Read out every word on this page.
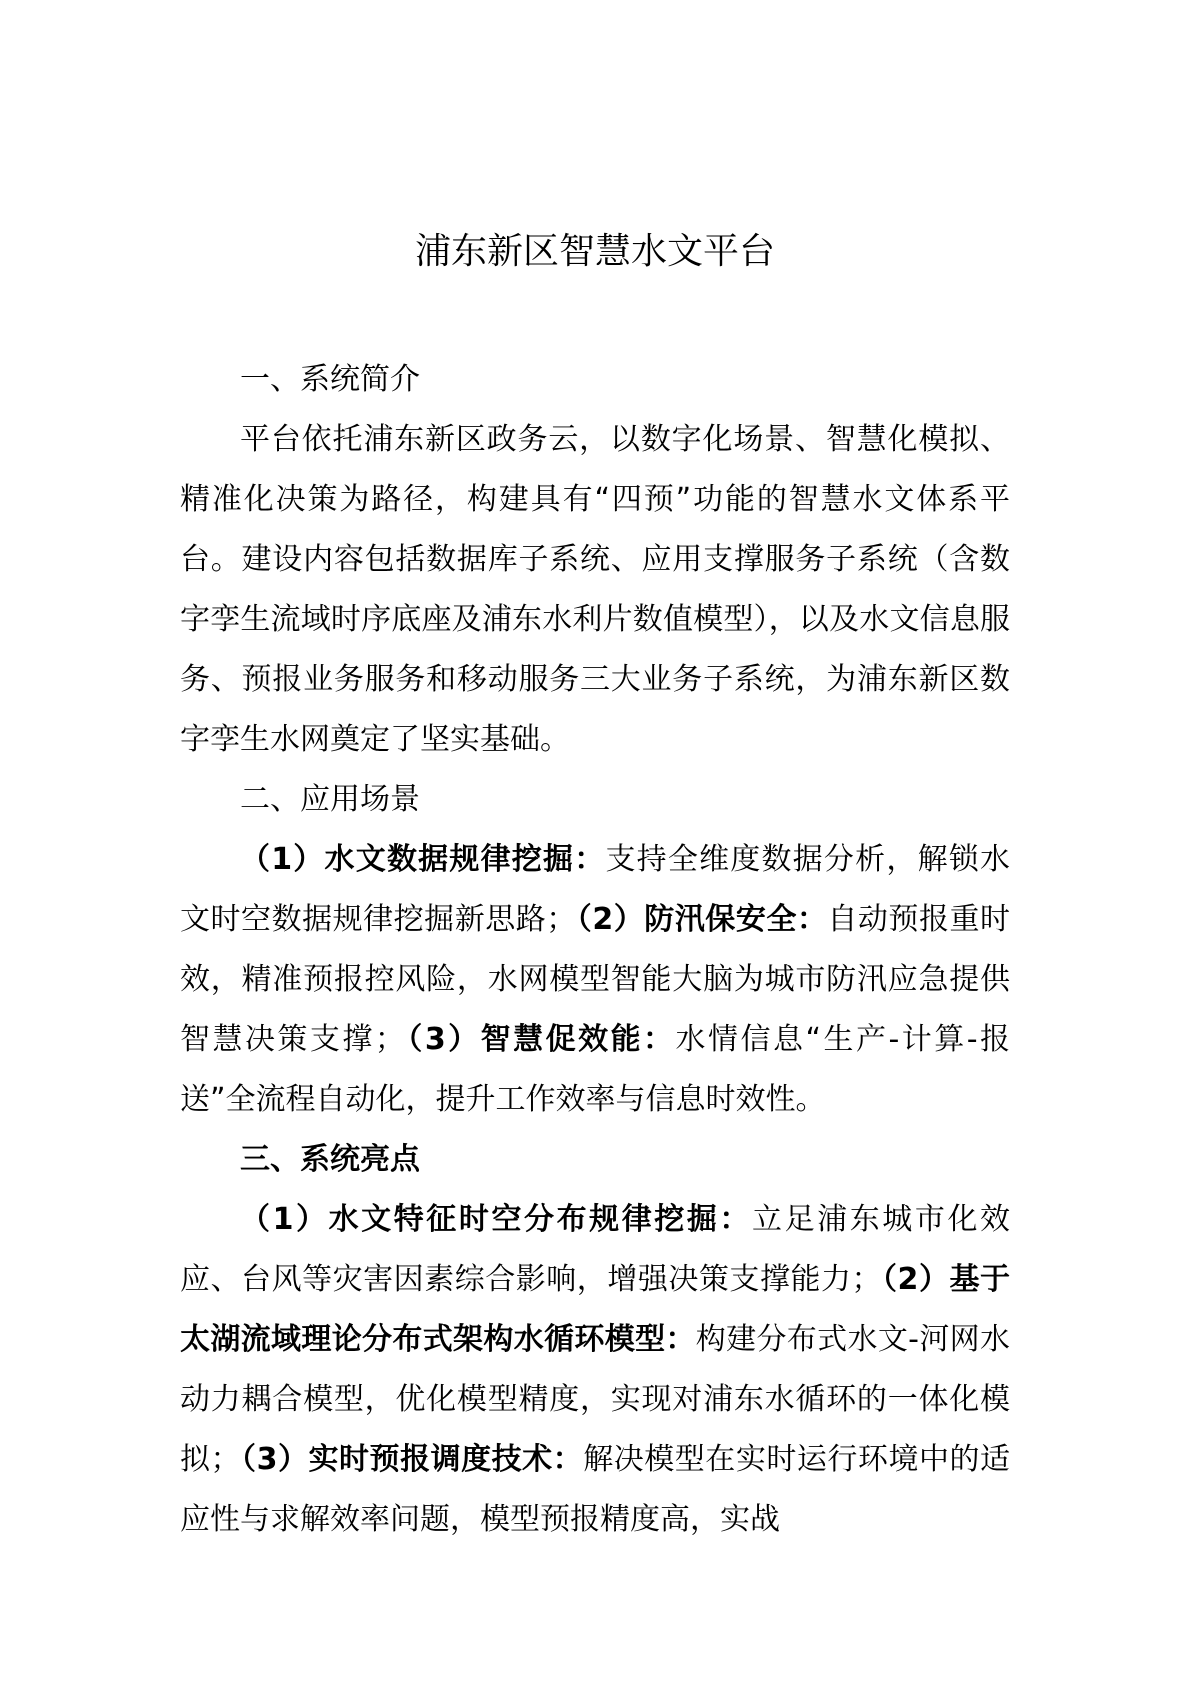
浦东新区智慧水文平台

一、系统简介

平台依托浦东新区政务云，以数字化场景、智慧化模拟、精准化决策为路径，构建具有“四预”功能的智慧水文体系平台。建设内容包括数据库子系统、应用支撑服务子系统（含数字孪生流域时序底座及浦东水利片数值模型），以及水文信息服务、预报业务服务和移动服务三大业务子系统，为浦东新区数字孪生水网奠定了坚实基础。

二、应用场景

（1）水文数据规律挖掘：支持全维度数据分析，解锁水文时空数据规律挖掘新思路；（2）防汛保安全：自动预报重时效，精准预报控风险，水网模型智能大脑为城市防汛应急提供智慧决策支撑；（3）智慧促效能：水情信息“生产-计算-报送”全流程自动化，提升工作效率与信息时效性。

三、系统亮点

（1）水文特征时空分布规律挖掘：立足浦东城市化效应、台风等灾害因素综合影响，增强决策支撑能力；（2）基于太湖流域理论分布式架构水循环模型：构建分布式水文-河网水动力耦合模型，优化模型精度，实现对浦东水循环的一体化模拟；（3）实时预报调度技术：解决模型在实时运行环境中的适应性与求解效率问题，模型预报精度高，实战
